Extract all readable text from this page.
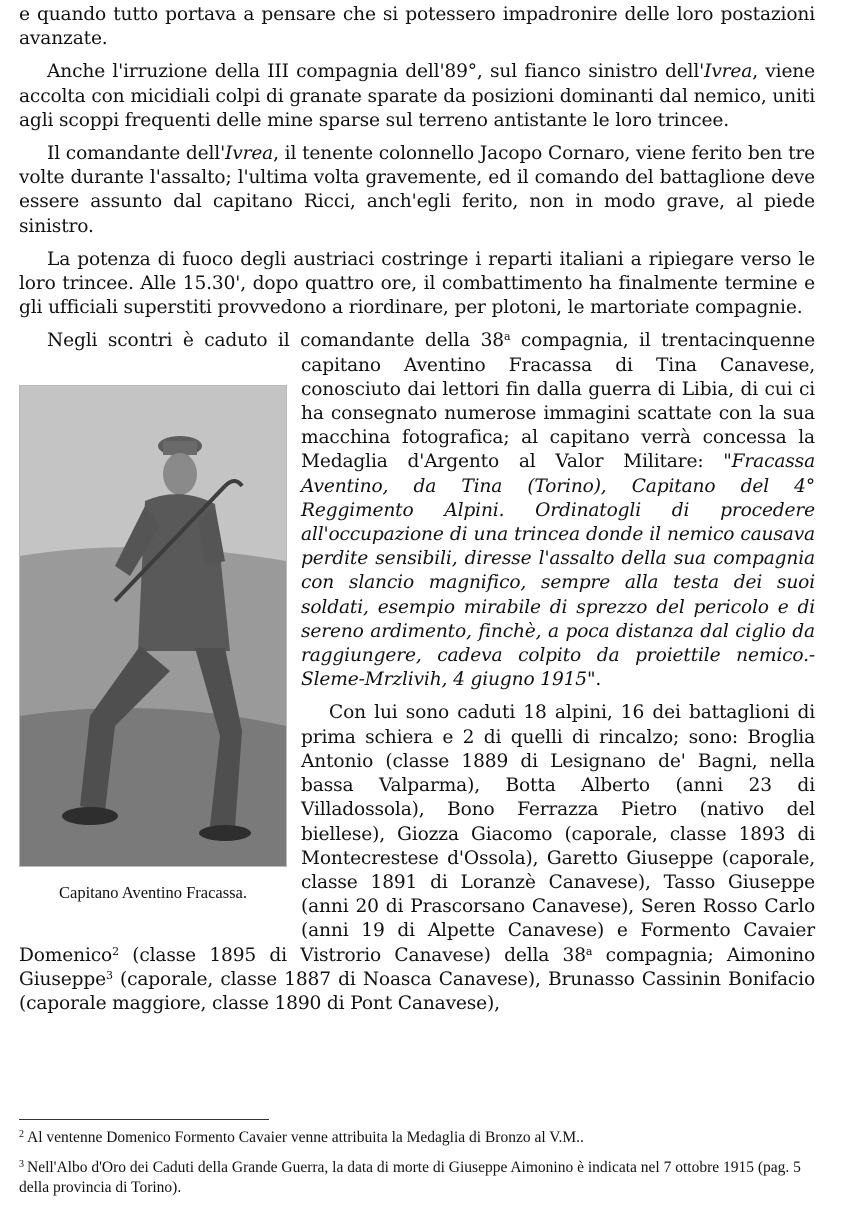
e quando tutto portava a pensare che si potessero impadronire delle loro postazioni avanzate.

Anche l'irruzione della III compagnia dell'89°, sul fianco sinistro dell'Ivrea, viene accolta con micidiali colpi di granate sparate da posizioni dominanti dal nemico, uniti agli scoppi frequenti delle mine sparse sul terreno antistante le loro trincee.

Il comandante dell'Ivrea, il tenente colonnello Jacopo Cornaro, viene ferito ben tre volte durante l'assalto; l'ultima volta gravemente, ed il comando del battaglione deve essere assunto dal capitano Ricci, anch'egli ferito, non in modo grave, al piede sinistro.

La potenza di fuoco degli austriaci costringe i reparti italiani a ripiegare verso le loro trincee. Alle 15.30', dopo quattro ore, il combattimento ha finalmente termine e gli ufficiali superstiti provvedono a riordinare, per plotoni, le martoriate compagnie.

Capitano Aventino Fracassa.
Negli scontri è caduto il comandante della 38$^a$ compagnia, il trentacinquenne capitano Aventino Fracassa di Tina Canavese, conosciuto dai lettori fin dalla guerra di Libia, di cui ci ha consegnato numerose immagini scattate con la sua macchina fotografica; al capitano verrà concessa la Medaglia d'Argento al Valor Militare: "Fracassa Aventino, da Tina (Torino), Capitano del 4° Reggimento Alpini. Ordinatogli di procedere all'occupazione di una trincea donde il nemico causava perdite sensibili, diresse l'assalto della sua compagnia con slancio magnifico, sempre alla testa dei suoi soldati, esempio mirabile di sprezzo del pericolo e di sereno ardimento, finchè, a poca distanza dal ciglio da raggiungere, cadeva colpito da proiettile nemico.- Sleme-Mrzlivih, 4 giugno 1915".

Con lui sono caduti 18 alpini, 16 dei battaglioni di prima schiera e 2 di quelli di rincalzo; sono: Broglia Antonio (classe 1889 di Lesignano de' Bagni, nella bassa Valparma), Botta Alberto (anni 23 di Villadossola), Bono Ferrazza Pietro (nativo del biellese), Giozza Giacomo (caporale, classe 1893 di Montecrestese d'Ossola), Garetto Giuseppe (caporale, classe 1891 di Loranzè Canavese), Tasso Giuseppe (anni 20 di Prascorsano Canavese), Seren Rosso Carlo (anni 19 di Alpette Canavese) e Formento Cavaier Domenico$^2$ (classe 1895 di Vistrorio Canavese) della 38$^a$ compagnia; Aimonino Giuseppe$^3$ (caporale, classe 1887 di Noasca Canavese), Brunasso Cassinin Bonifacio (caporale maggiore, classe 1890 di Pont Canavese),

$^2$ Al ventenne Domenico Formento Cavaier venne attribuita la Medaglia di Bronzo al V.M..

$^3$ Nell'Albo d'Oro dei Caduti della Grande Guerra, la data di morte di Giuseppe Aimonino è indicata nel 7 ottobre 1915 (pag. 5 della provincia di Torino).
